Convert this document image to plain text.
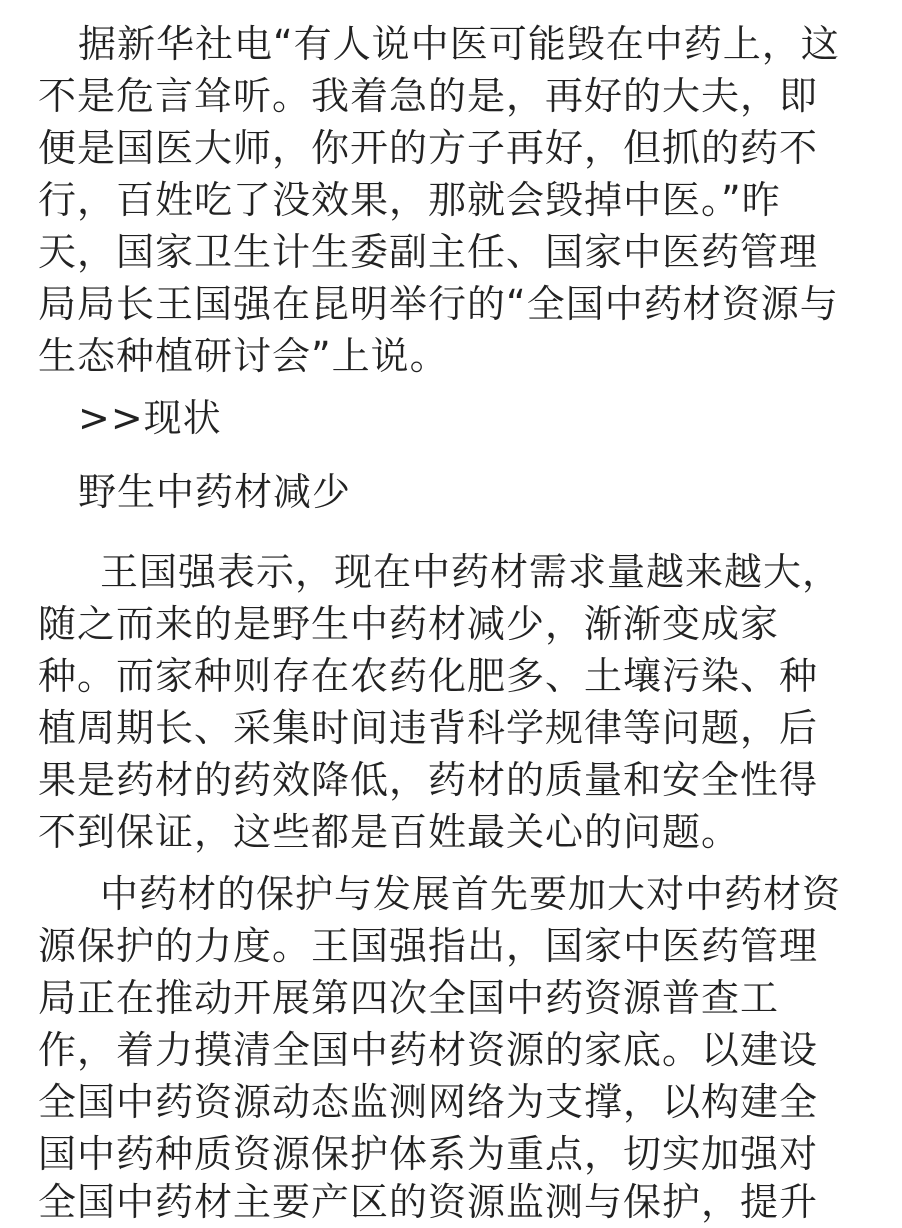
据新华社电“有人说中医可能毁在中药上，这
不是危言耸听。我着急的是，再好的大夫，即
便是国医大师，你开的方子再好，但抓的药不
行，百姓吃了没效果，那就会毁掉中医。”昨
天，国家卫生计生委副主任、国家中医药管理
局局长王国强在昆明举行的“全国中药材资源与
生态种植研讨会”上说。
>>现状
野生中药材减少
王国强表示，现在中药材需求量越来越大，
随之而来的是野生中药材减少，渐渐变成家
种。而家种则存在农药化肥多、土壤污染、种
植周期长、采集时间违背科学规律等问题，后
果是药材的药效降低，药材的质量和安全性得
不到保证，这些都是百姓最关心的问题。
中药材的保护与发展首先要加大对中药材资
源保护的力度。王国强指出，国家中医药管理
局正在推动开展第四次全国中药资源普查工
作，着力摸清全国中药材资源的家底。以建设
全国中药资源动态监测网络为支撑，以构建全
国中药种质资源保护体系为重点，切实加强对
全国中药材主要产区的资源监测与保护，提升
